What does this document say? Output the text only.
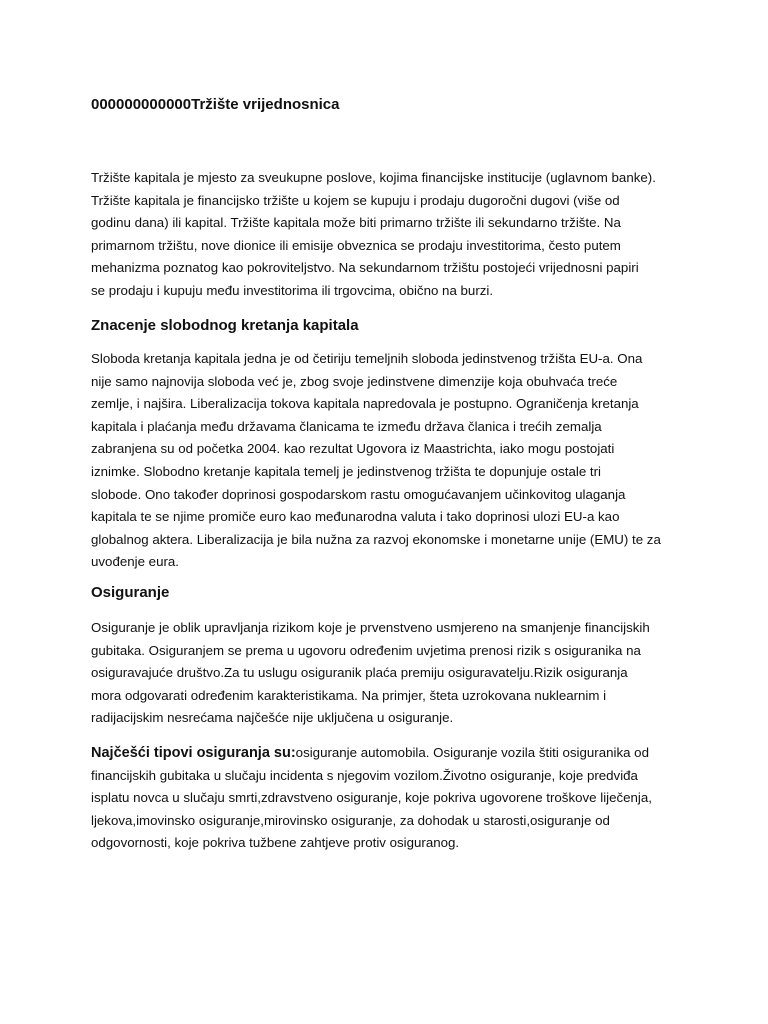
000000000000Tržište vrijednosnica

Tržište kapitala je mjesto za sveukupne poslove, kojima financijske institucije (uglavnom banke).
Tržište kapitala je financijsko tržište u kojem se kupuju i prodaju dugoročni dugovi (više od
godinu dana) ili kapital. Tržište kapitala može biti primarno tržište ili sekundarno tržište. Na
primarnom tržištu, nove dionice ili emisije obveznica se prodaju investitorima, često putem
mehanizma poznatog kao pokroviteljstvo. Na sekundarnom tržištu postojeći vrijednosni papiri
se prodaju i kupuju među investitorima ili trgovcima, obično na burzi.

Znacenje slobodnog kretanja kapitala

Sloboda kretanja kapitala jedna je od četiriju temeljnih sloboda jedinstvenog tržišta EU-a. Ona
nije samo najnovija sloboda već je, zbog svoje jedinstvene dimenzije koja obuhvaća treće
zemlje, i najšira. Liberalizacija tokova kapitala napredovala je postupno. Ograničenja kretanja
kapitala i plaćanja među državama članicama te između država članica i trećih zemalja
zabranjena su od početka 2004. kao rezultat Ugovora iz Maastrichta, iako mogu postojati
iznimke. Slobodno kretanje kapitala temelj je jedinstvenog tržišta te dopunjuje ostale tri
slobode. Ono također doprinosi gospodarskom rastu omogućavanjem učinkovitog ulaganja
kapitala te se njime promiče euro kao međunarodna valuta i tako doprinosi ulozi EU-a kao
globalnog aktera. Liberalizacija je bila nužna za razvoj ekonomske i monetarne unije (EMU) te za
uvođenje eura.

Osiguranje

Osiguranje je oblik upravljanja rizikom koje je prvenstveno usmjereno na smanjenje financijskih
gubitaka. Osiguranjem se prema u ugovoru određenim uvjetima prenosi rizik s osiguranika na
osiguravajuće društvo.Za tu uslugu osiguranik plaća premiju osiguravatelju.Rizik osiguranja
mora odgovarati određenim karakteristikama. Na primjer, šteta uzrokovana nuklearnim i
radijacijskim nesrećama najčešće nije uključena u osiguranje.

Najčešći tipovi osiguranja su:osiguranje automobila. Osiguranje vozila štiti osiguranika od
financijskih gubitaka u slučaju incidenta s njegovim vozilom.Životno osiguranje, koje predviđa
isplatu novca u slučaju smrti,zdravstveno osiguranje, koje pokriva ugovorene troškove liječenja,
ljekova,imovinsko osiguranje,mirovinsko osiguranje, za dohodak u starosti,osiguranje od
odgovornosti, koje pokriva tužbene zahtjeve protiv osiguranog.
